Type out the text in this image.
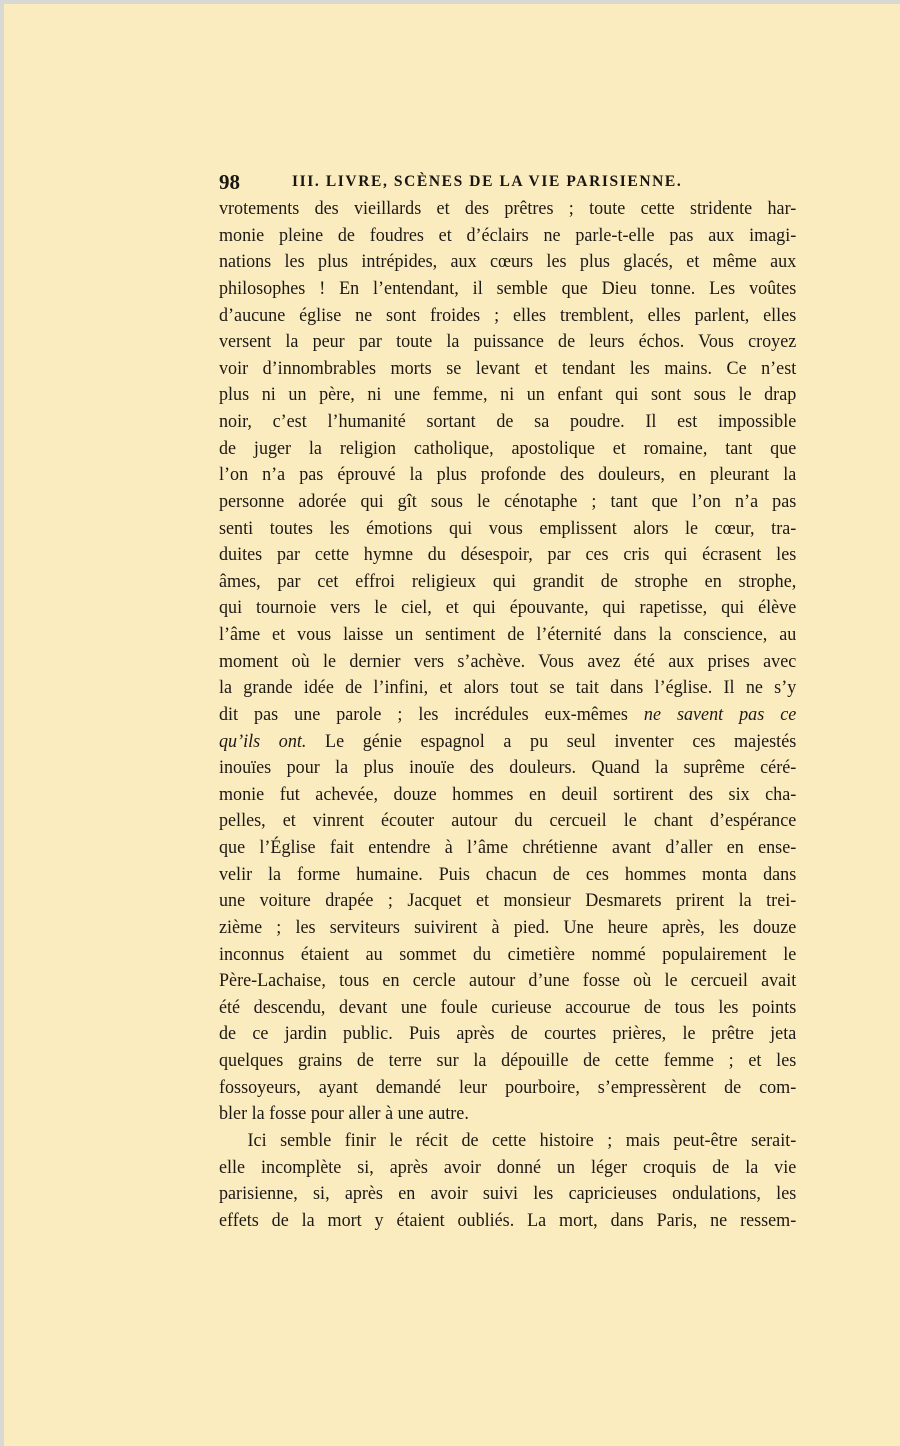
98	III. LIVRE, SCÈNES DE LA VIE PARISIENNE.
vrotements des vieillards et des prêtres ; toute cette stridente har-
monie pleine de foudres et d’éclairs ne parle-t-elle pas aux imagi-
nations les plus intrépides, aux cœurs les plus glacés, et même aux
philosophes ! En l’entendant, il semble que Dieu tonne. Les voûtes
d’aucune église ne sont froides ; elles tremblent, elles parlent, elles
versent la peur par toute la puissance de leurs échos. Vous croyez
voir d’innombrables morts se levant et tendant les mains. Ce n’est
plus ni un père, ni une femme, ni un enfant qui sont sous le drap
noir, c’est l’humanité sortant de sa poudre. Il est impossible
de juger la religion catholique, apostolique et romaine, tant que
l’on n’a pas éprouvé la plus profonde des douleurs, en pleurant la
personne adorée qui gît sous le cénotaphe ; tant que l’on n’a pas
senti toutes les émotions qui vous emplissent alors le cœur, tra-
duites par cette hymne du désespoir, par ces cris qui écrasent les
âmes, par cet effroi religieux qui grandit de strophe en strophe,
qui tournoie vers le ciel, et qui épouvante, qui rapetisse, qui élève
l’âme et vous laisse un sentiment de l’éternité dans la conscience, au
moment où le dernier vers s’achève. Vous avez été aux prises avec
la grande idée de l’infini, et alors tout se tait dans l’église. Il ne s’y
dit pas une parole ; les incrédules eux-mêmes ne savent pas ce
qu’ils ont. Le génie espagnol a pu seul inventer ces majestés
inouïes pour la plus inouïe des douleurs. Quand la suprême céré-
monie fut achevée, douze hommes en deuil sortirent des six cha-
pelles, et vinrent écouter autour du cercueil le chant d’espérance
que l’Église fait entendre à l’âme chrétienne avant d’aller en ense-
velir la forme humaine. Puis chacun de ces hommes monta dans
une voiture drapée ; Jacquet et monsieur Desmarets prirent la trei-
zième ; les serviteurs suivirent à pied. Une heure après, les douze
inconnus étaient au sommet du cimetière nommé populairement le
Père-Lachaise, tous en cercle autour d’une fosse où le cercueil avait
été descendu, devant une foule curieuse accourue de tous les points
de ce jardin public. Puis après de courtes prières, le prêtre jeta
quelques grains de terre sur la dépouille de cette femme ; et les
fossoyeurs, ayant demandé leur pourboire, s’empressèrent de com-
bler la fosse pour aller à une autre.
Ici semble finir le récit de cette histoire ; mais peut-être serait-
elle incomplète si, après avoir donné un léger croquis de la vie
parisienne, si, après en avoir suivi les capricieuses ondulations, les
effets de la mort y étaient oubliés. La mort, dans Paris, ne ressem-
